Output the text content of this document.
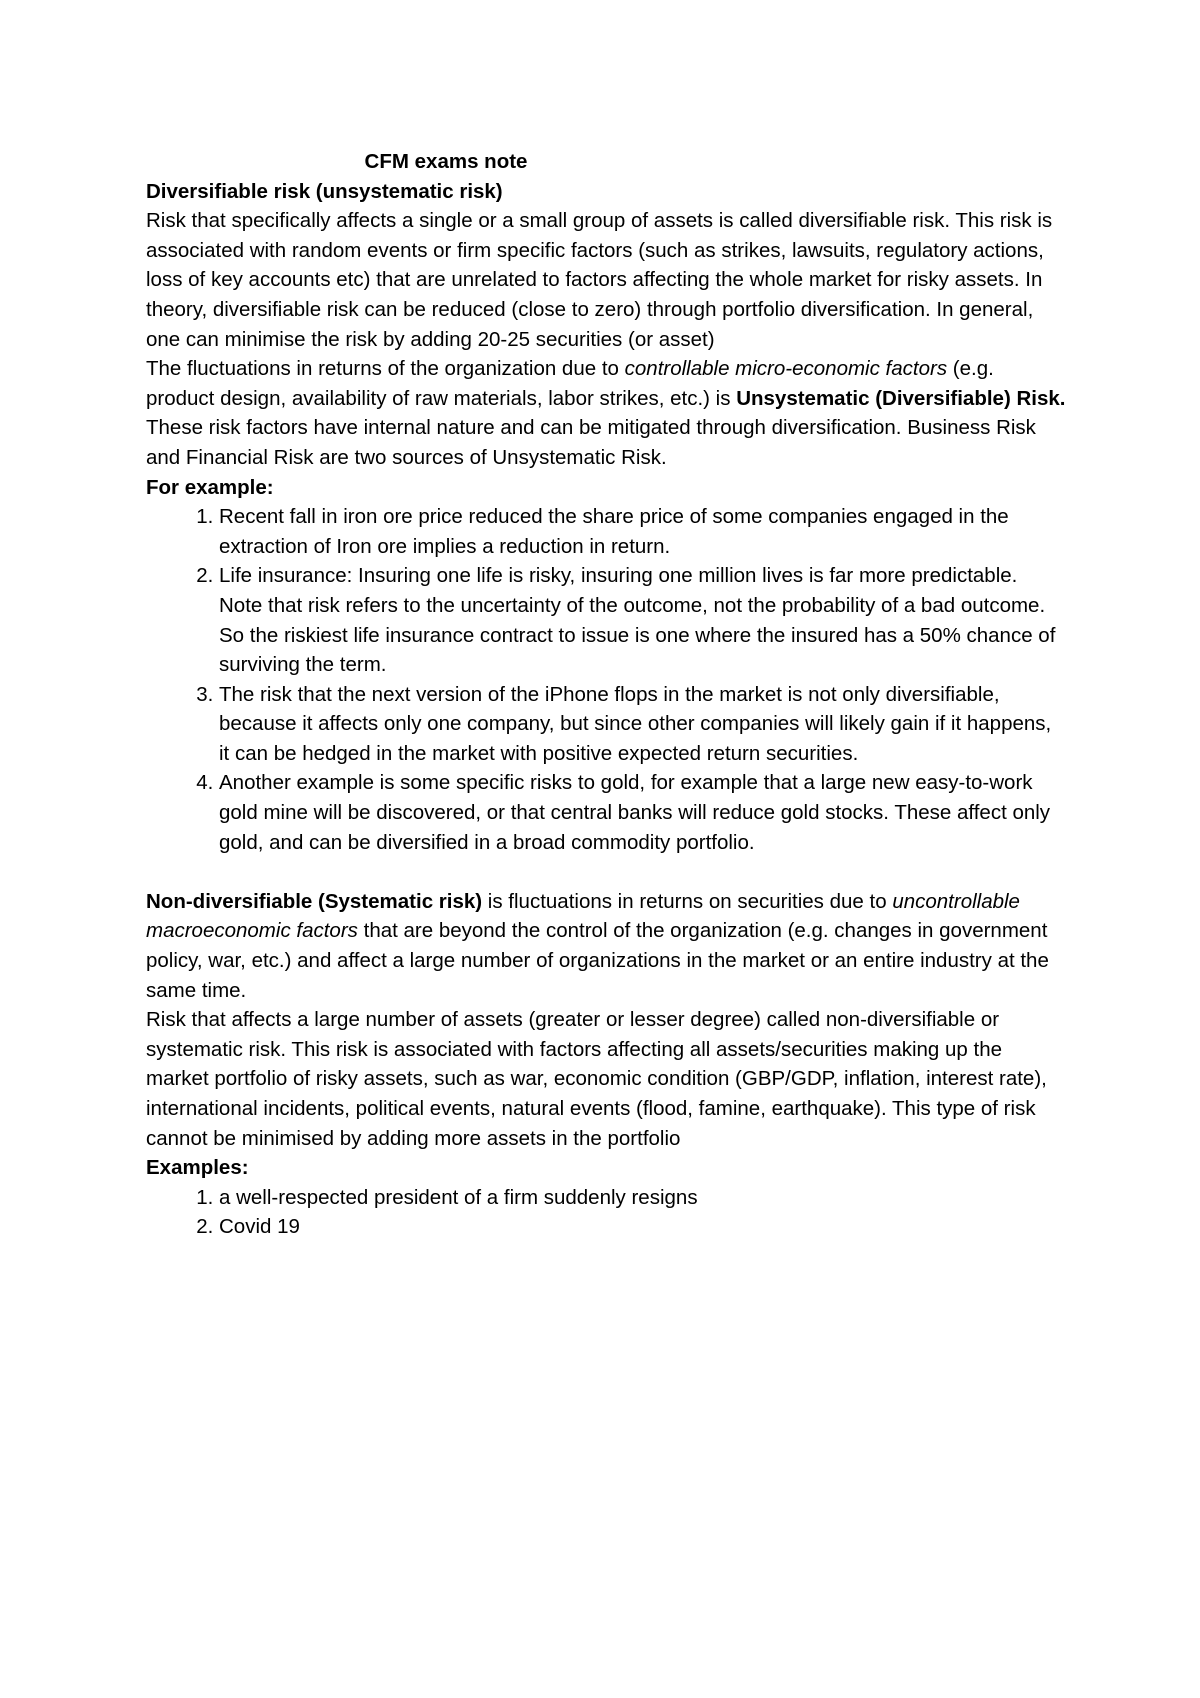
CFM exams note

Diversifiable risk (unsystematic risk)

Risk that specifically affects a single or a small group of assets is called diversifiable risk. This risk is associated with random events or firm specific factors (such as strikes, lawsuits, regulatory actions, loss of key accounts etc) that are unrelated to factors affecting the whole market for risky assets. In theory, diversifiable risk can be reduced (close to zero) through portfolio diversification. In general, one can minimise the risk by adding 20-25 securities (or asset)

The fluctuations in returns of the organization due to controllable micro-economic factors (e.g. product design, availability of raw materials, labor strikes, etc.) is Unsystematic (Diversifiable) Risk. These risk factors have internal nature and can be mitigated through diversification. Business Risk and Financial Risk are two sources of Unsystematic Risk.

For example:

1. Recent fall in iron ore price reduced the share price of some companies engaged in the extraction of Iron ore implies a reduction in return.
2. Life insurance: Insuring one life is risky, insuring one million lives is far more predictable. Note that risk refers to the uncertainty of the outcome, not the probability of a bad outcome. So the riskiest life insurance contract to issue is one where the insured has a 50% chance of surviving the term.
3. The risk that the next version of the iPhone flops in the market is not only diversifiable, because it affects only one company, but since other companies will likely gain if it happens, it can be hedged in the market with positive expected return securities.
4. Another example is some specific risks to gold, for example that a large new easy-to-work gold mine will be discovered, or that central banks will reduce gold stocks. These affect only gold, and can be diversified in a broad commodity portfolio.

Non-diversifiable (Systematic risk) is fluctuations in returns on securities due to uncontrollable macroeconomic factors that are beyond the control of the organization (e.g. changes in government policy, war, etc.) and affect a large number of organizations in the market or an entire industry at the same time.

Risk that affects a large number of assets (greater or lesser degree) called non-diversifiable or systematic risk. This risk is associated with factors affecting all assets/securities making up the market portfolio of risky assets, such as war, economic condition (GBP/GDP, inflation, interest rate), international incidents, political events, natural events (flood, famine, earthquake). This type of risk cannot be minimised by adding more assets in the portfolio

Examples:

1. a well-respected president of a firm suddenly resigns
2. Covid 19
